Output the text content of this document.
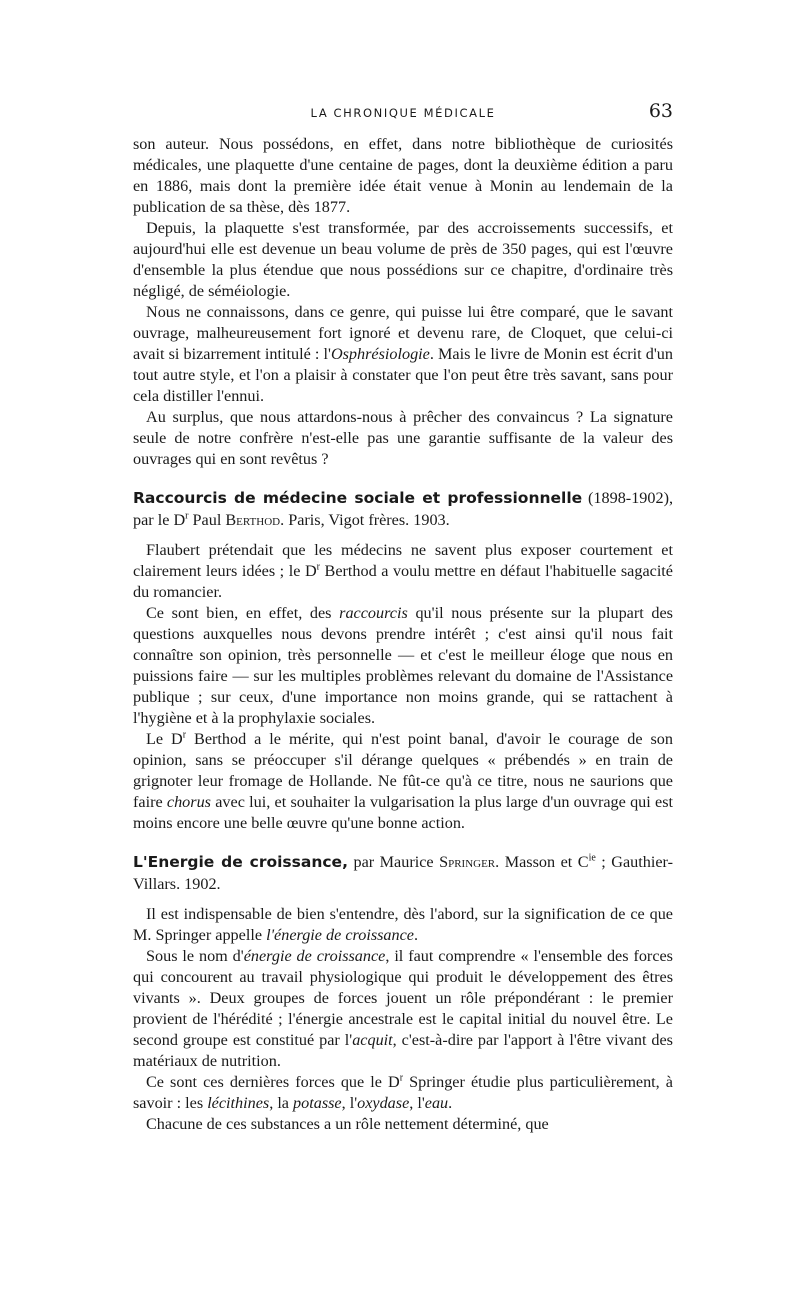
LA CHRONIQUE MÉDICALE	63

son auteur. Nous possédons, en effet, dans notre bibliothèque de curiosités médicales, une plaquette d'une centaine de pages, dont la deuxième édition a paru en 1886, mais dont la première idée était venue à Monin au lendemain de la publication de sa thèse, dès 1877.

Depuis, la plaquette s'est transformée, par des accroissements successifs, et aujourd'hui elle est devenue un beau volume de près de 350 pages, qui est l'œuvre d'ensemble la plus étendue que nous possédions sur ce chapitre, d'ordinaire très négligé, de séméiologie.

Nous ne connaissons, dans ce genre, qui puisse lui être comparé, que le savant ouvrage, malheureusement fort ignoré et devenu rare, de Cloquet, que celui-ci avait si bizarrement intitulé : l'Osphrésiologie. Mais le livre de Monin est écrit d'un tout autre style, et l'on a plaisir à constater que l'on peut être très savant, sans pour cela distiller l'ennui.

Au surplus, que nous attardons-nous à prêcher des convaincus ? La signature seule de notre confrère n'est-elle pas une garantie suffisante de la valeur des ouvrages qui en sont revêtus ?

Raccourcis de médecine sociale et professionnelle (1898-1902), par le $D^r$ Paul Berthod. Paris, Vigot frères. 1903.

Flaubert prétendait que les médecins ne savent plus exposer courtement et clairement leurs idées ; le $D^r$ Berthod a voulu mettre en défaut l'habituelle sagacité du romancier.

Ce sont bien, en effet, des raccourcis qu'il nous présente sur la plupart des questions auxquelles nous devons prendre intérêt ; c'est ainsi qu'il nous fait connaître son opinion, très personnelle — et c'est le meilleur éloge que nous en puissions faire — sur les multiples problèmes relevant du domaine de l'Assistance publique ; sur ceux, d'une importance non moins grande, qui se rattachent à l'hygiène et à la prophylaxie sociales.

Le $D^r$ Berthod a le mérite, qui n'est point banal, d'avoir le courage de son opinion, sans se préoccuper s'il dérange quelques « prébendés » en train de grignoter leur fromage de Hollande. Ne fût-ce qu'à ce titre, nous ne saurions que faire chorus avec lui, et souhaiter la vulgarisation la plus large d'un ouvrage qui est moins encore une belle œuvre qu'une bonne action.

L'Energie de croissance, par Maurice Springer. Masson et $C^{ie}$ ; Gauthier-Villars. 1902.

Il est indispensable de bien s'entendre, dès l'abord, sur la signification de ce que M. Springer appelle l'énergie de croissance.

Sous le nom d'énergie de croissance, il faut comprendre « l'ensemble des forces qui concourent au travail physiologique qui produit le développement des êtres vivants ». Deux groupes de forces jouent un rôle prépondérant : le premier provient de l'hérédité ; l'énergie ancestrale est le capital initial du nouvel être. Le second groupe est constitué par l'acquit, c'est-à-dire par l'apport à l'être vivant des matériaux de nutrition.

Ce sont ces dernières forces que le $D^r$ Springer étudie plus particulièrement, à savoir : les lécithines, la potasse, l'oxydase, l'eau.

Chacune de ces substances a un rôle nettement déterminé, que
